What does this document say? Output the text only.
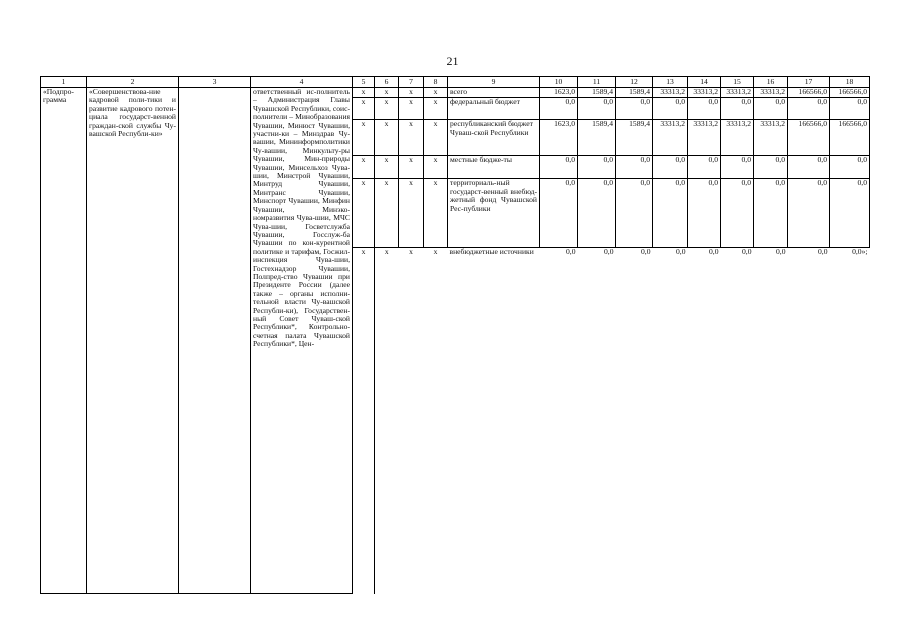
21
1	2	3	4	5	6	7	8	9	10	11	12	13	14	15	16	17	18
«Подпро-
грамма	«Совершенствова-ние кадровой поли-тики и развитие кадрового потен-циала государст-венной граждан-ской службы Чу-вашской Республи-ки»		ответственный ис-полнитель – Администрация Главы Чувашской Республики, соис-полнители – Минобразования Чувашии, Минюст Чувашии, участни-ки – Минздрав Чу-вашии, Мининформполитики Чу-вашии, Минкульту-ры Чувашии, Мин-природы Чувашии, Минсельхоз Чува-шии, Минстрой Чувашии, Минтруд Чувашии, Минтранс Чувашии, Минспорт Чувашии, Минфин Чувашии, Минэко-номразвития Чува-шии, МЧС Чува-шии, Госветслужба Чувашии, Госслуж-ба Чувашии по кон-курентной политике и тарифам, Госжил-инспекция Чува-шии, Гостехнадзор Чувашии, Полпред-ство Чувашии при Президенте России (далее также – органы исполни-тельной власти Чу-вашской Республи-ки), Государствен-ный Совет Чуваш-ской Республики*, Контрольно-счетная палата Чувашской Республики*, Цен-	x	x	x	x	всего	1623,0	1589,4	1589,4	33313,2	33313,2	33313,2	33313,2	166566,0	166566,0
				x	x	x	x	федеральный бюджет	0,0	0,0	0,0	0,0	0,0	0,0	0,0	0,0	0,0
				x	x	x	x	республиканский бюджет Чуваш-ской Республики	1623,0	1589,4	1589,4	33313,2	33313,2	33313,2	33313,2	166566,0	166566,0
				x	x	x	x	местные бюдже-ты	0,0	0,0	0,0	0,0	0,0	0,0	0,0	0,0	0,0
				x	x	x	x	территориаль-ный государст-венный внебюд-жетный фонд Чувашской Рес-публики	0,0	0,0	0,0	0,0	0,0	0,0	0,0	0,0	0,0
				x	x	x	x	внебюджетные источники	0,0	0,0	0,0	0,0	0,0	0,0	0,0	0,0	0,0»;
